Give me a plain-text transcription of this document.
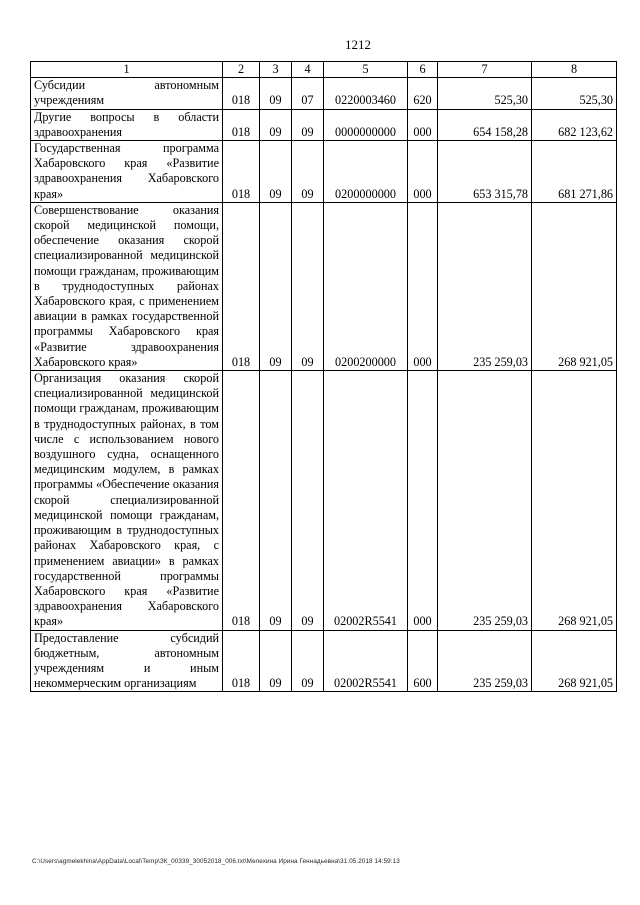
1212
1	2	3	4	5	6	7	8
Субсидии автономным учреждениям	018	09	07	0220003460	620	525,30	525,30
Другие вопросы в области здравоохранения	018	09	09	0000000000	000	654 158,28	682 123,62
Государственная программа Хабаровского края «Развитие здравоохранения Хабаровского края»	018	09	09	0200000000	000	653 315,78	681 271,86
Совершенствование оказания скорой медицинской помощи, обеспечение оказания скорой специализированной медицинской помощи гражданам, проживающим в труднодоступных районах Хабаровского края, с применением авиации в рамках государственной программы Хабаровского края «Развитие здравоохранения Хабаровского края»	018	09	09	0200200000	000	235 259,03	268 921,05
Организация оказания скорой специализированной медицинской помощи гражданам, проживающим в труднодоступных районах, в том числе с использованием нового воздушного судна, оснащенного медицинским модулем, в рамках программы «Обеспечение оказания скорой специализированной медицинской помощи гражданам, проживающим в труднодоступных районах Хабаровского края, с применением авиации» в рамках государственной программы Хабаровского края «Развитие здравоохранения Хабаровского края»	018	09	09	02002R5541	000	235 259,03	268 921,05
Предоставление субсидий бюджетным, автономным учреждениям и иным некоммерческим организациям	018	09	09	02002R5541	600	235 259,03	268 921,05
C:\Users\agmelekhina\AppData\Local\Temp\ЗК_00339_30052018_006.txt\Мелехина Ирина Геннадьевна\31.05.2018 14:59:13
